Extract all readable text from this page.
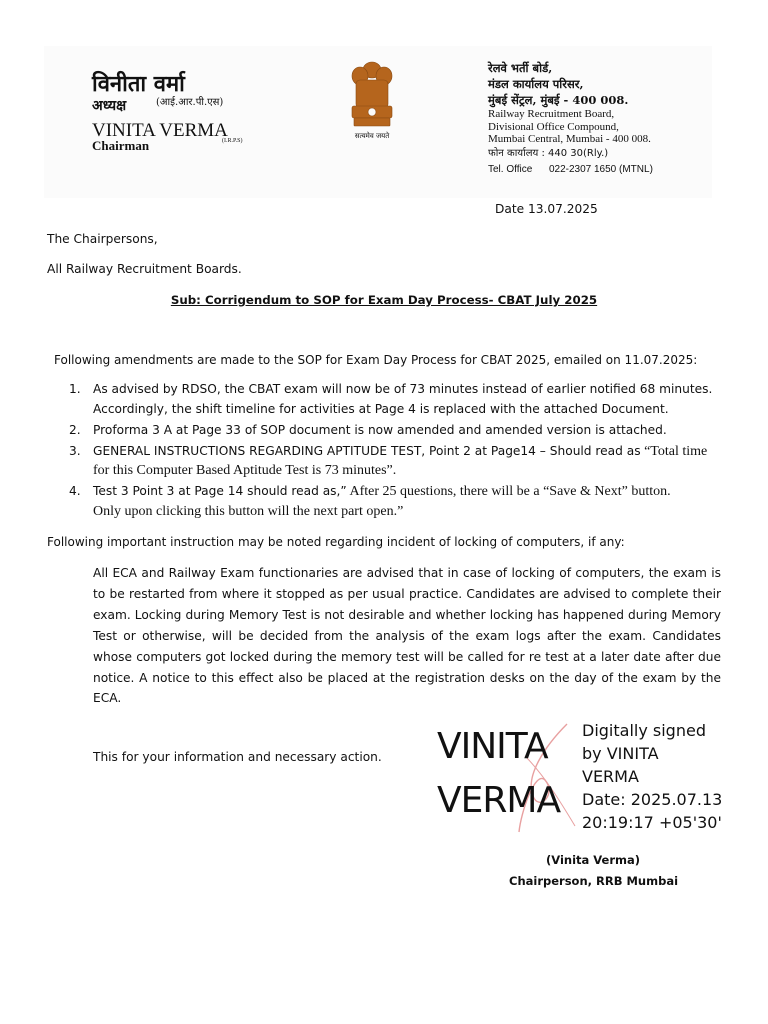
विनीता वर्मा
अध्यक्ष	(आई.आर.पी.एस)
VINITA VERMA
Chairman	(I.R.P.S)
सत्यमेव जयते
रेलवे भर्ती बोर्ड,
मंडल कार्यालय परिसर,
मुंबई सेंट्रल, मुंबई - 400 008.
Railway Recruitment Board,
Divisional Office Compound,
Mumbai Central, Mumbai - 400 008.
फोन कार्यालय : 440 30(Rly.)
Tel. Office      022-2307 1650 (MTNL)
Date 13.07.2025
The Chairpersons,
All Railway Recruitment Boards.
Sub: Corrigendum to SOP for Exam Day Process- CBAT July 2025
Following amendments are made to the SOP for Exam Day Process for CBAT 2025, emailed on 11.07.2025:
1. As advised by RDSO, the CBAT exam will now be of 73 minutes instead of earlier notified 68 minutes.
Accordingly, the shift timeline for activities at Page 4 is replaced with the attached Document.
2. Proforma 3 A at Page 33 of SOP document is now amended and amended version is attached.
3. GENERAL INSTRUCTIONS REGARDING APTITUDE TEST, Point 2 at Page14 – Should read as “Total time
for this Computer Based Aptitude Test is 73 minutes”.
4. Test 3 Point 3 at Page 14 should read as,” After 25 questions, there will be a “Save & Next” button.
Only upon clicking this button will the next part open.”
Following important instruction may be noted regarding incident of locking of computers, if any:
All ECA and Railway Exam functionaries are advised that in case of locking of computers, the exam is to be restarted from where it stopped as per usual practice. Candidates are advised to complete their exam. Locking during Memory Test is not desirable and whether locking has happened during Memory Test or otherwise, will be decided from the analysis of the exam logs after the exam. Candidates whose computers got locked during the memory test will be called for re test at a later date after due notice. A notice to this effect also be placed at the registration desks on the day of the exam by the ECA.
This for your information and necessary action. VINITA
VERMA
Digitally signed
by VINITA
VERMA
Date: 2025.07.13
20:19:17 +05'30'
(Vinita Verma)
Chairperson, RRB Mumbai
